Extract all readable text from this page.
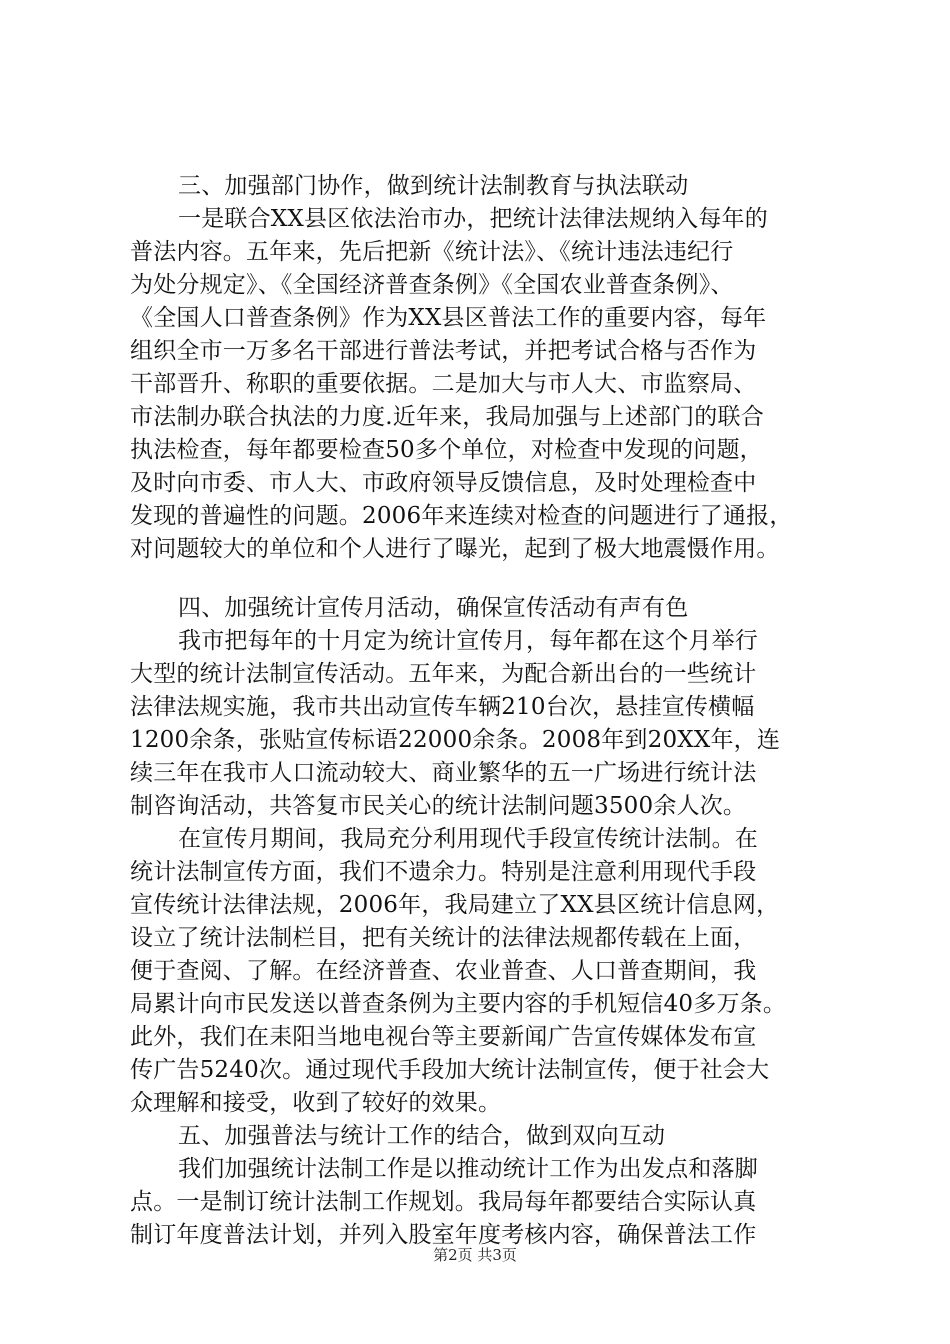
三、加强部门协作，做到统计法制教育与执法联动
一是联合XX县区依法治市办，把统计法律法规纳入每年的
普法内容。五年来，先后把新《统计法》、《统计违法违纪行
为处分规定》、《全国经济普查条例》《全国农业普查条例》、
《全国人口普查条例》作为XX县区普法工作的重要内容，每年
组织全市一万多名干部进行普法考试，并把考试合格与否作为
干部晋升、称职的重要依据。二是加大与市人大、市监察局、
市法制办联合执法的力度.近年来，我局加强与上述部门的联合
执法检查，每年都要检查50多个单位，对检查中发现的问题，
及时向市委、市人大、市政府领导反馈信息，及时处理检查中
发现的普遍性的问题。2006年来连续对检查的问题进行了通报，
对问题较大的单位和个人进行了曝光，起到了极大地震慑作用。
四、加强统计宣传月活动，确保宣传活动有声有色
我市把每年的十月定为统计宣传月，每年都在这个月举行
大型的统计法制宣传活动。五年来，为配合新出台的一些统计
法律法规实施，我市共出动宣传车辆210台次，悬挂宣传横幅
1200余条，张贴宣传标语22000余条。2008年到20XX年，连
续三年在我市人口流动较大、商业繁华的五一广场进行统计法
制咨询活动，共答复市民关心的统计法制问题3500余人次。
在宣传月期间，我局充分利用现代手段宣传统计法制。在
统计法制宣传方面，我们不遗余力。特别是注意利用现代手段
宣传统计法律法规，2006年，我局建立了XX县区统计信息网，
设立了统计法制栏目，把有关统计的法律法规都传载在上面，
便于查阅、了解。在经济普查、农业普查、人口普查期间，我
局累计向市民发送以普查条例为主要内容的手机短信40多万条。
此外，我们在耒阳当地电视台等主要新闻广告宣传媒体发布宣
传广告5240次。通过现代手段加大统计法制宣传，便于社会大
众理解和接受，收到了较好的效果。
五、加强普法与统计工作的结合，做到双向互动
我们加强统计法制工作是以推动统计工作为出发点和落脚
点。一是制订统计法制工作规划。我局每年都要结合实际认真
制订年度普法计划，并列入股室年度考核内容，确保普法工作
第2页 共3页
